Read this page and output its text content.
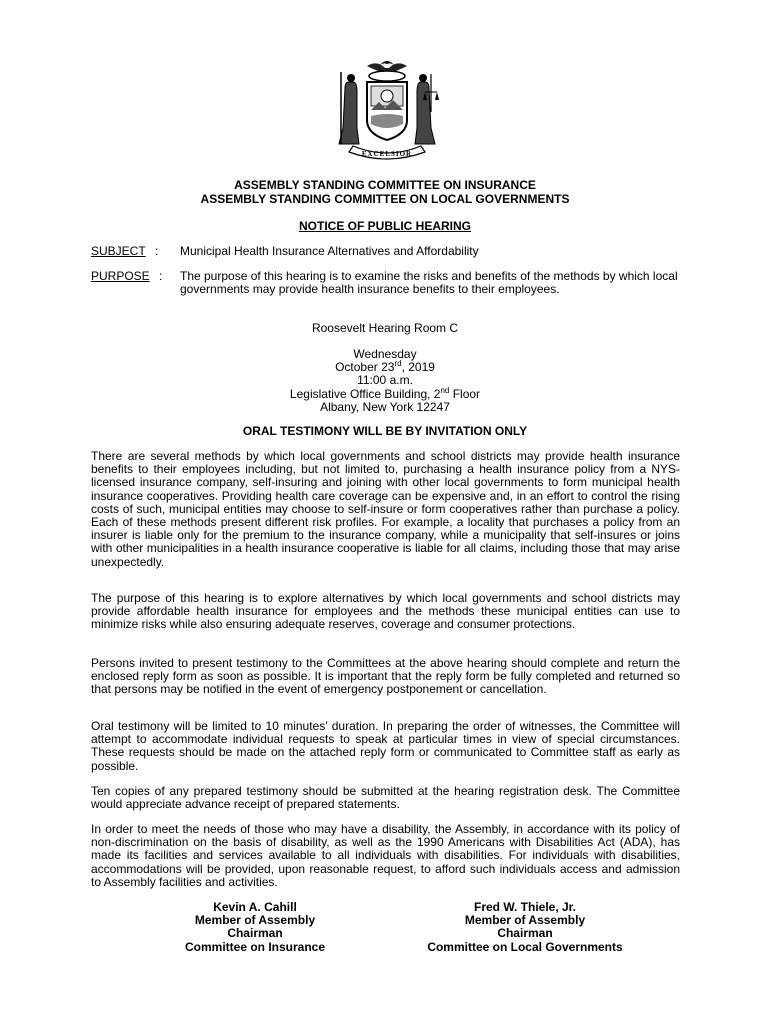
EXCELSIOR
ASSEMBLY STANDING COMMITTEE ON INSURANCE
ASSEMBLY STANDING COMMITTEE ON LOCAL GOVERNMENTS
NOTICE OF PUBLIC HEARING
SUBJECT : Municipal Health Insurance Alternatives and Affordability
PURPOSE : The purpose of this hearing is to examine the risks and benefits of the methods by which local governments may provide health insurance benefits to their employees.
Roosevelt Hearing Room C
Wednesday
October 23rd, 2019
11:00 a.m.
Legislative Office Building, 2nd Floor
Albany, New York 12247
ORAL TESTIMONY WILL BE BY INVITATION ONLY
There are several methods by which local governments and school districts may provide health insurance benefits to their employees including, but not limited to, purchasing a health insurance policy from a NYS-licensed insurance company, self-insuring and joining with other local governments to form municipal health insurance cooperatives. Providing health care coverage can be expensive and, in an effort to control the rising costs of such, municipal entities may choose to self-insure or form cooperatives rather than purchase a policy. Each of these methods present different risk profiles. For example, a locality that purchases a policy from an insurer is liable only for the premium to the insurance company, while a municipality that self-insures or joins with other municipalities in a health insurance cooperative is liable for all claims, including those that may arise unexpectedly.
The purpose of this hearing is to explore alternatives by which local governments and school districts may provide affordable health insurance for employees and the methods these municipal entities can use to minimize risks while also ensuring adequate reserves, coverage and consumer protections.
Persons invited to present testimony to the Committees at the above hearing should complete and return the enclosed reply form as soon as possible. It is important that the reply form be fully completed and returned so that persons may be notified in the event of emergency postponement or cancellation.
Oral testimony will be limited to 10 minutes’ duration. In preparing the order of witnesses, the Committee will attempt to accommodate individual requests to speak at particular times in view of special circumstances. These requests should be made on the attached reply form or communicated to Committee staff as early as possible.
Ten copies of any prepared testimony should be submitted at the hearing registration desk. The Committee would appreciate advance receipt of prepared statements.
In order to meet the needs of those who may have a disability, the Assembly, in accordance with its policy of non-discrimination on the basis of disability, as well as the 1990 Americans with Disabilities Act (ADA), has made its facilities and services available to all individuals with disabilities. For individuals with disabilities, accommodations will be provided, upon reasonable request, to afford such individuals access and admission to Assembly facilities and activities.
Kevin A. Cahill
Member of Assembly
Chairman
Committee on Insurance
Fred W. Thiele, Jr.
Member of Assembly
Chairman
Committee on Local Governments
